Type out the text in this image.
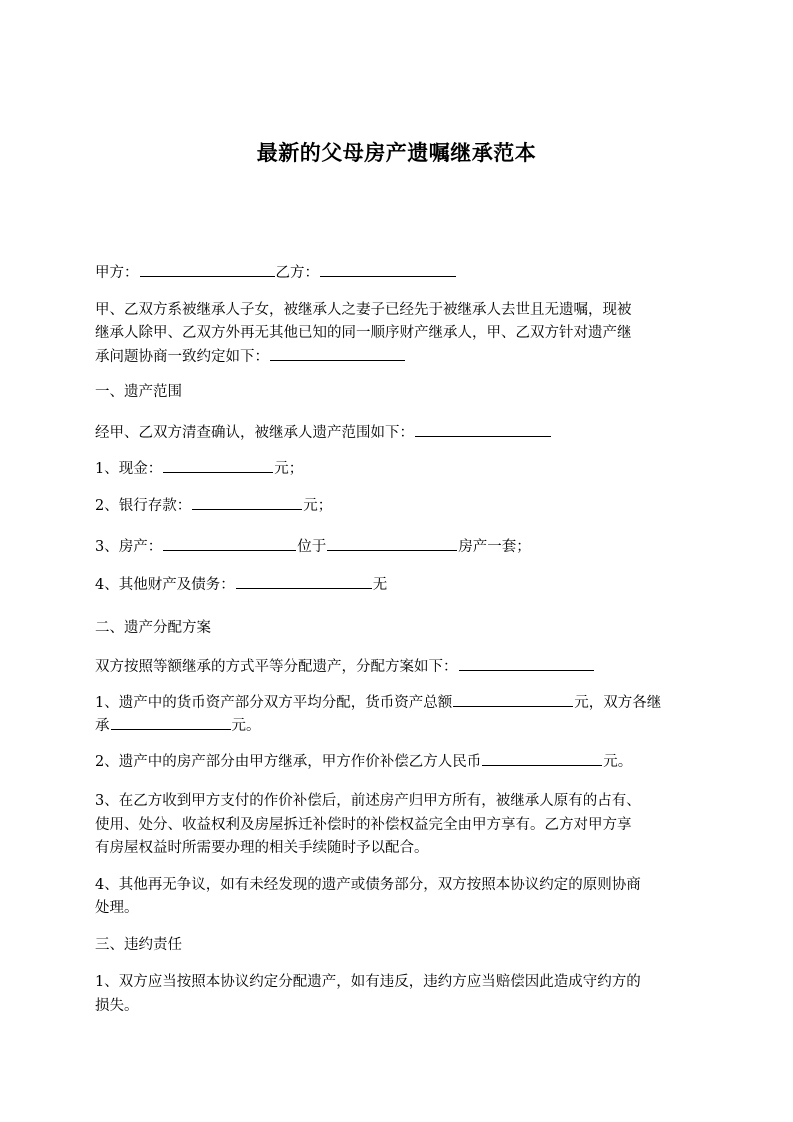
最新的父母房产遗嘱继承范本

甲方：	乙方：

甲、乙双方系被继承人子女，被继承人之妻子已经先于被继承人去世且无遗嘱，现被

继承人除甲、乙双方外再无其他已知的同一顺序财产继承人，甲、乙双方针对遗产继

承问题协商一致约定如下：

一、遗产范围

经甲、乙双方清查确认，被继承人遗产范围如下：

1、现金：	元；

2、银行存款：	元；

3、房产：	位于	房产一套；

4、其他财产及债务：	无

二、遗产分配方案

双方按照等额继承的方式平等分配遗产，分配方案如下：

1、遗产中的货币资产部分双方平均分配，货币资产总额	元，双方各继

承	元。

2、遗产中的房产部分由甲方继承，甲方作价补偿乙方人民币	元。

3、在乙方收到甲方支付的作价补偿后，前述房产归甲方所有，被继承人原有的占有、

使用、处分、收益权利及房屋拆迁补偿时的补偿权益完全由甲方享有。乙方对甲方享

有房屋权益时所需要办理的相关手续随时予以配合。

4、其他再无争议，如有未经发现的遗产或债务部分，双方按照本协议约定的原则协商

处理。

三、违约责任

1、双方应当按照本协议约定分配遗产，如有违反，违约方应当赔偿因此造成守约方的

损失。
